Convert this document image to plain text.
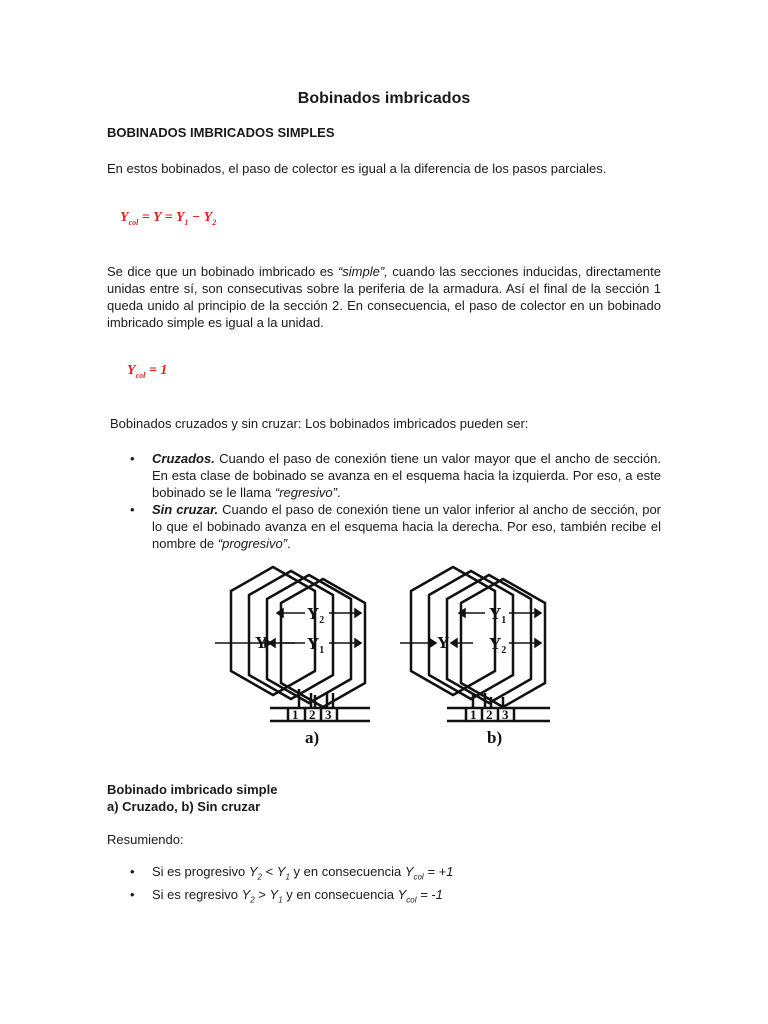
Bobinados imbricados
BOBINADOS IMBRICADOS SIMPLES

En estos bobinados, el paso de colector es igual a la diferencia de los pasos parciales.

$Y_{col} = Y = Y_1 - Y_2$

Se dice que un bobinado imbricado es “simple”, cuando las secciones inducidas, directamente unidas entre sí, son consecutivas sobre la periferia de la armadura. Así el final de la sección 1 queda unido al principio de la sección 2. En consecuencia, el paso de colector en un bobinado imbricado simple es igual a la unidad.

$Y_{col} = 1$

Bobinados cruzados y sin cruzar: Los bobinados imbricados pueden ser:

• Cruzados. Cuando el paso de conexión tiene un valor mayor que el ancho de sección. En esta clase de bobinado se avanza en el esquema hacia la izquierda. Por eso, a este bobinado se le llama “regresivo”.
• Sin cruzar. Cuando el paso de conexión tiene un valor inferior al ancho de sección, por lo que el bobinado avanza en el esquema hacia la derecha. Por eso, también recibe el nombre de “progresivo”.
Y
$Y_2$
$Y_1$	Y
$Y_1$
$Y_2$
1 2 3	1 2 3
a)	b)
Bobinado imbricado simple
a) Cruzado, b) Sin cruzar

Resumiendo:

• Si es progresivo $Y_2 < Y_1$ y en consecuencia $Y_{col} = +1$
• Si es regresivo $Y_2 > Y_1$ y en consecuencia $Y_{col} = -1$
